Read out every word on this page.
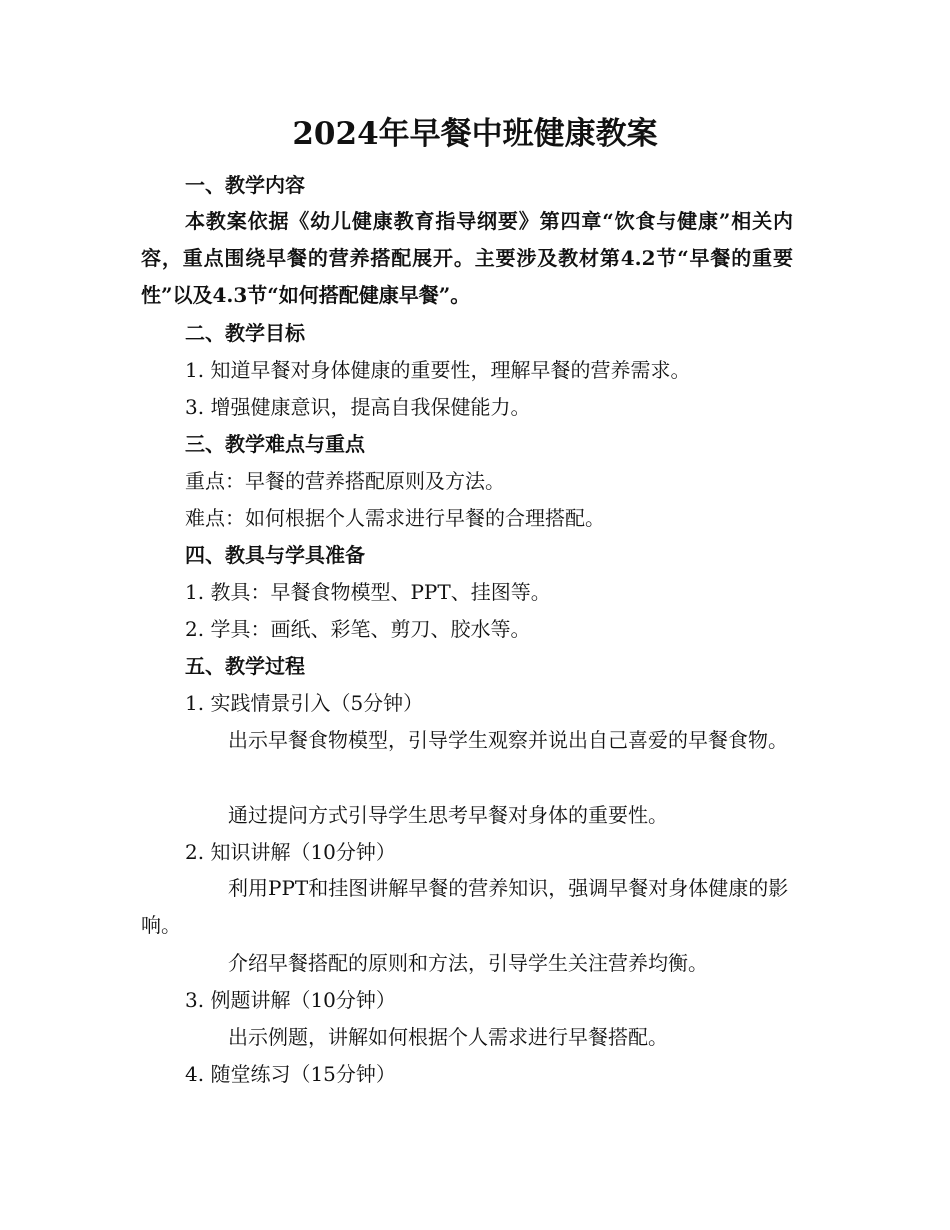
2024年早餐中班健康教案
一、教学内容
本教案依据《幼儿健康教育指导纲要》第四章“饮食与健康”相关内容，重点围绕早餐的营养搭配展开。主要涉及教材第4.2节“早餐的重要性”以及4.3节“如何搭配健康早餐”。
二、教学目标
1. 知道早餐对身体健康的重要性，理解早餐的营养需求。
3. 增强健康意识，提高自我保健能力。
三、教学难点与重点
重点：早餐的营养搭配原则及方法。
难点：如何根据个人需求进行早餐的合理搭配。
四、教具与学具准备
1. 教具：早餐食物模型、PPT、挂图等。
2. 学具：画纸、彩笔、剪刀、胶水等。
五、教学过程
1. 实践情景引入（5分钟）
出示早餐食物模型，引导学生观察并说出自己喜爱的早餐食物。
通过提问方式引导学生思考早餐对身体的重要性。
2. 知识讲解（10分钟）
利用PPT和挂图讲解早餐的营养知识，强调早餐对身体健康的影响。
介绍早餐搭配的原则和方法，引导学生关注营养均衡。
3. 例题讲解（10分钟）
出示例题，讲解如何根据个人需求进行早餐搭配。
4. 随堂练习（15分钟）
